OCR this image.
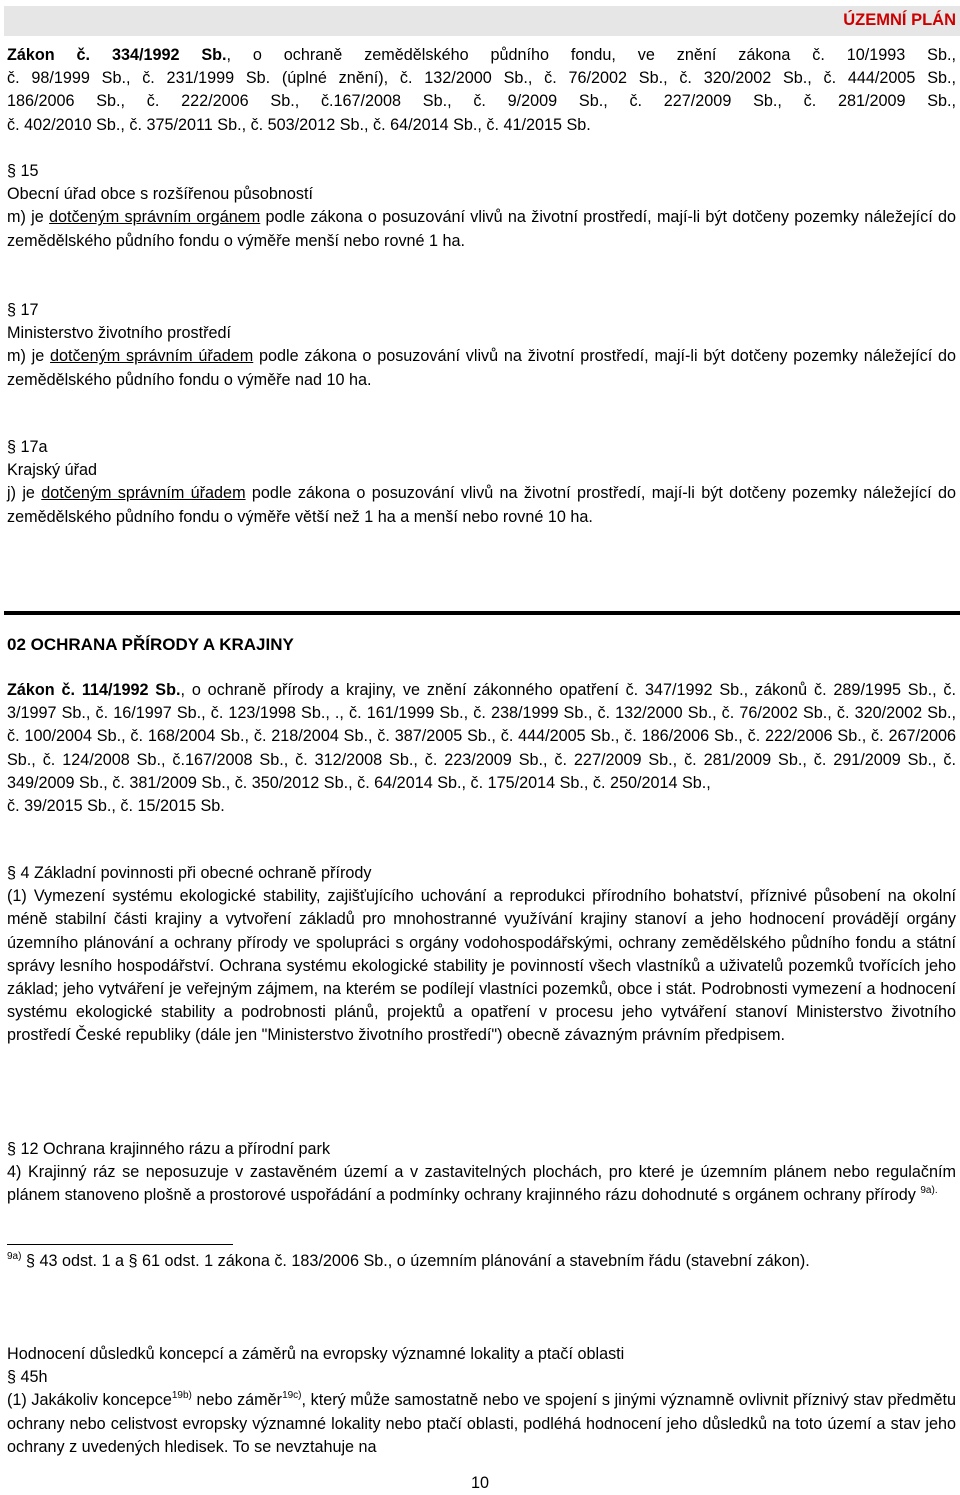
ÚZEMNÍ PLÁN

Zákon č. 334/1992 Sb., o ochraně zemědělského půdního fondu, ve znění zákona č. 10/1993 Sb.,

č. 98/1999 Sb., č. 231/1999 Sb. (úplné znění), č. 132/2000 Sb., č. 76/2002 Sb., č. 320/2002 Sb., č. 444/2005 Sb.,

186/2006 Sb., č. 222/2006 Sb., č.167/2008 Sb., č. 9/2009 Sb., č. 227/2009 Sb., č. 281/2009 Sb.,

č. 402/2010 Sb., č. 375/2011 Sb., č. 503/2012 Sb., č. 64/2014 Sb., č. 41/2015 Sb.

§ 15

Obecní úřad obce s rozšířenou působností

m) je dotčeným správním orgánem podle zákona o posuzování vlivů na životní prostředí, mají-li být dotčeny pozemky náležející do zemědělského půdního fondu o výměře menší nebo rovné 1 ha.

§ 17

Ministerstvo životního prostředí

m) je dotčeným správním úřadem podle zákona o posuzování vlivů na životní prostředí, mají-li být dotčeny pozemky náležející do zemědělského půdního fondu o výměře nad 10 ha.

§ 17a

Krajský úřad

j) je dotčeným správním úřadem podle zákona o posuzování vlivů na životní prostředí, mají-li být dotčeny pozemky náležející do zemědělského půdního fondu o výměře větší než 1 ha a menší nebo rovné 10 ha.

02 OCHRANA PŘÍRODY A KRAJINY

Zákon č. 114/1992 Sb., o ochraně přírody a krajiny, ve znění zákonného opatření č. 347/1992 Sb., zákonů č. 289/1995 Sb., č. 3/1997 Sb., č. 16/1997 Sb., č. 123/1998 Sb., ., č. 161/1999 Sb., č. 238/1999 Sb., č. 132/2000 Sb., č. 76/2002 Sb., č. 320/2002 Sb., č. 100/2004 Sb., č. 168/2004 Sb., č. 218/2004 Sb., č. 387/2005 Sb., č. 444/2005 Sb., č. 186/2006 Sb., č. 222/2006 Sb., č. 267/2006 Sb., č. 124/2008 Sb., č.167/2008 Sb., č. 312/2008 Sb., č. 223/2009 Sb., č. 227/2009 Sb., č. 281/2009 Sb., č. 291/2009 Sb., č. 349/2009 Sb., č. 381/2009 Sb., č. 350/2012 Sb., č. 64/2014 Sb., č. 175/2014 Sb., č. 250/2014 Sb.,

č. 39/2015 Sb., č. 15/2015 Sb.

§ 4 Základní povinnosti při obecné ochraně přírody

(1) Vymezení systému ekologické stability, zajišťujícího uchování a reprodukci přírodního bohatství, příznivé působení na okolní méně stabilní části krajiny a vytvoření základů pro mnohostranné využívání krajiny stanoví a jeho hodnocení provádějí orgány územního plánování a ochrany přírody ve spolupráci s orgány vodohospodářskými, ochrany zemědělského půdního fondu a státní správy lesního hospodářství. Ochrana systému ekologické stability je povinností všech vlastníků a uživatelů pozemků tvořících jeho základ; jeho vytváření je veřejným zájmem, na kterém se podílejí vlastníci pozemků, obce i stát. Podrobnosti vymezení a hodnocení systému ekologické stability a podrobnosti plánů, projektů a opatření v procesu jeho vytváření stanoví Ministerstvo životního prostředí České republiky (dále jen "Ministerstvo životního prostředí") obecně závazným právním předpisem.

§ 12 Ochrana krajinného rázu a přírodní park

4) Krajinný ráz se neposuzuje v zastavěném území a v zastavitelných plochách, pro které je územním plánem nebo regulačním plánem stanoveno plošně a prostorové uspořádání a podmínky ochrany krajinného rázu dohodnuté s orgánem ochrany přírody $^{9a).}$

$^{9a)}$ § 43 odst. 1 a § 61 odst. 1 zákona č. 183/2006 Sb., o územním plánování a stavebním řádu (stavební zákon).

Hodnocení důsledků koncepcí a záměrů na evropsky významné lokality a ptačí oblasti

§ 45h

(1) Jakákoliv koncepce$^{19b)}$ nebo záměr$^{19c)}$, který může samostatně nebo ve spojení s jinými významně ovlivnit příznivý stav předmětu ochrany nebo celistvost evropsky významné lokality nebo ptačí oblasti, podléhá hodnocení jeho důsledků na toto území a stav jeho ochrany z uvedených hledisek. To se nevztahuje na

10
